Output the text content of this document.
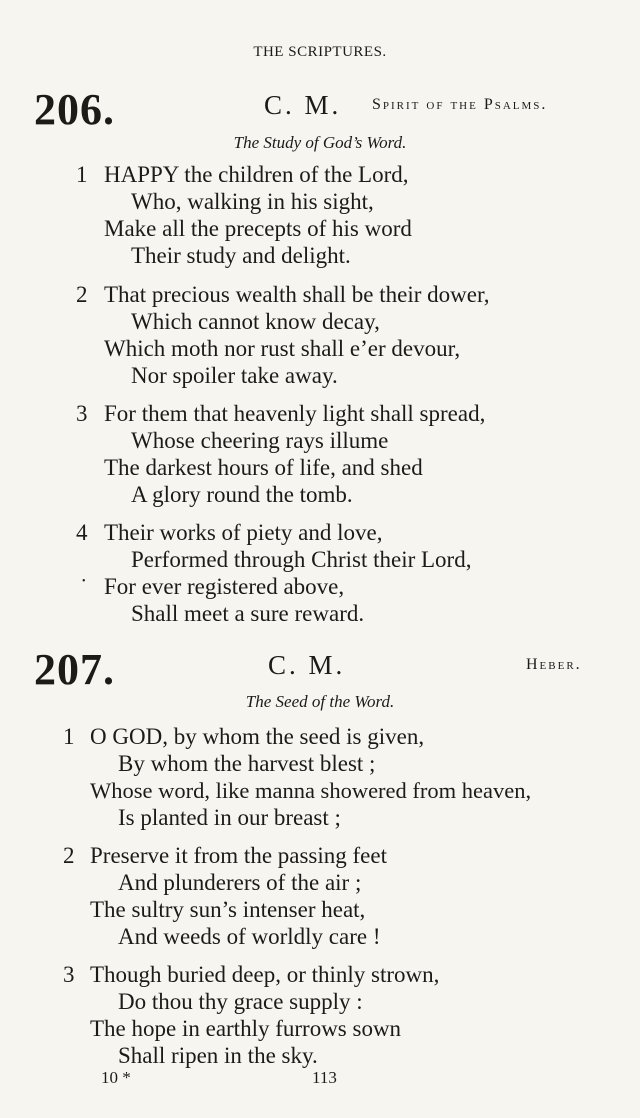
THE SCRIPTURES.
206.	C. M. Spirit of the Psalms.
The Study of God’s Word.
1 HAPPY the children of the Lord,
Who, walking in his sight,
Make all the precepts of his word
Their study and delight.
2 That precious wealth shall be their dower,
Which cannot know decay,
Which moth nor rust shall e’er devour,
Nor spoiler take away.
3 For them that heavenly light shall spread,
Whose cheering rays illume
The darkest hours of life, and shed
A glory round the tomb.
4 Their works of piety and love,
Performed through Christ their Lord,
For ever registered above,
Shall meet a sure reward.
•
207.	C. M.	Heber.
The Seed of the Word.
1 O GOD, by whom the seed is given,
By whom the harvest blest ;
Whose word, like manna showered from heaven,
Is planted in our breast ;
2 Preserve it from the passing feet
And plunderers of the air ;
The sultry sun’s intenser heat,
And weeds of worldly care !
3 Though buried deep, or thinly strown,
Do thou thy grace supply :
The hope in earthly furrows sown
Shall ripen in the sky.
10 *	113
